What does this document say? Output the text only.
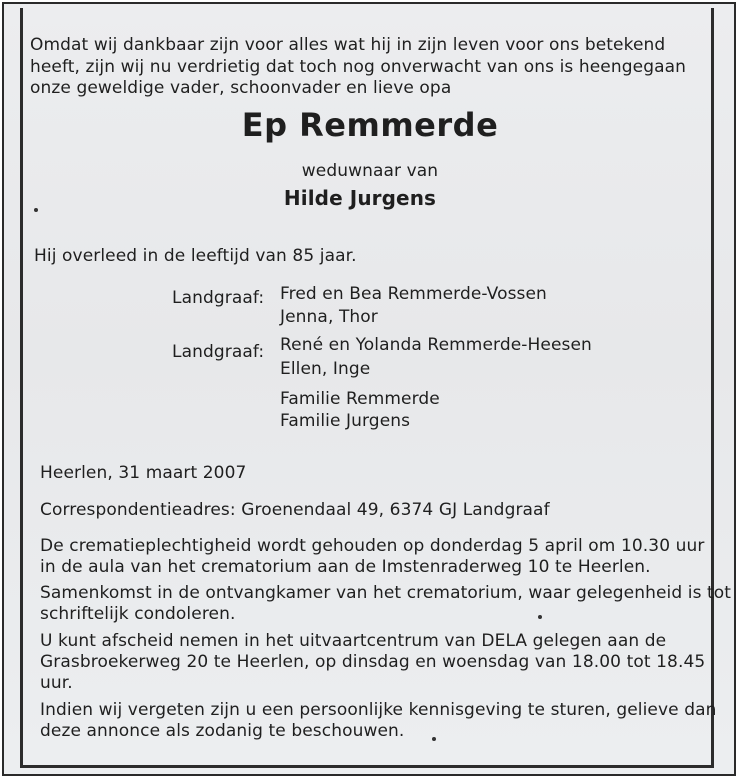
Omdat wij dankbaar zijn voor alles wat hij in zijn leven voor ons betekend
heeft, zijn wij nu verdrietig dat toch nog onverwacht van ons is heengegaan
onze geweldige vader, schoonvader en lieve opa
Ep Remmerde
weduwnaar van
Hilde Jurgens
Hij overleed in de leeftijd van 85 jaar.
Landgraaf: Fred en Bea Remmerde-Vossen
Jenna, Thor
Landgraaf: René en Yolanda Remmerde-Heesen
Ellen, Inge
Familie Remmerde
Familie Jurgens
Heerlen, 31 maart 2007
Correspondentieadres: Groenendaal 49, 6374 GJ Landgraaf
De crematieplechtigheid wordt gehouden op donderdag 5 april om 10.30 uur
in de aula van het crematorium aan de Imstenraderweg 10 te Heerlen.
Samenkomst in de ontvangkamer van het crematorium, waar gelegenheid is tot
schriftelijk condoleren.
U kunt afscheid nemen in het uitvaartcentrum van DELA gelegen aan de
Grasbroekerweg 20 te Heerlen, op dinsdag en woensdag van 18.00 tot 18.45
uur.
Indien wij vergeten zijn u een persoonlijke kennisgeving te sturen, gelieve dan
deze annonce als zodanig te beschouwen.
